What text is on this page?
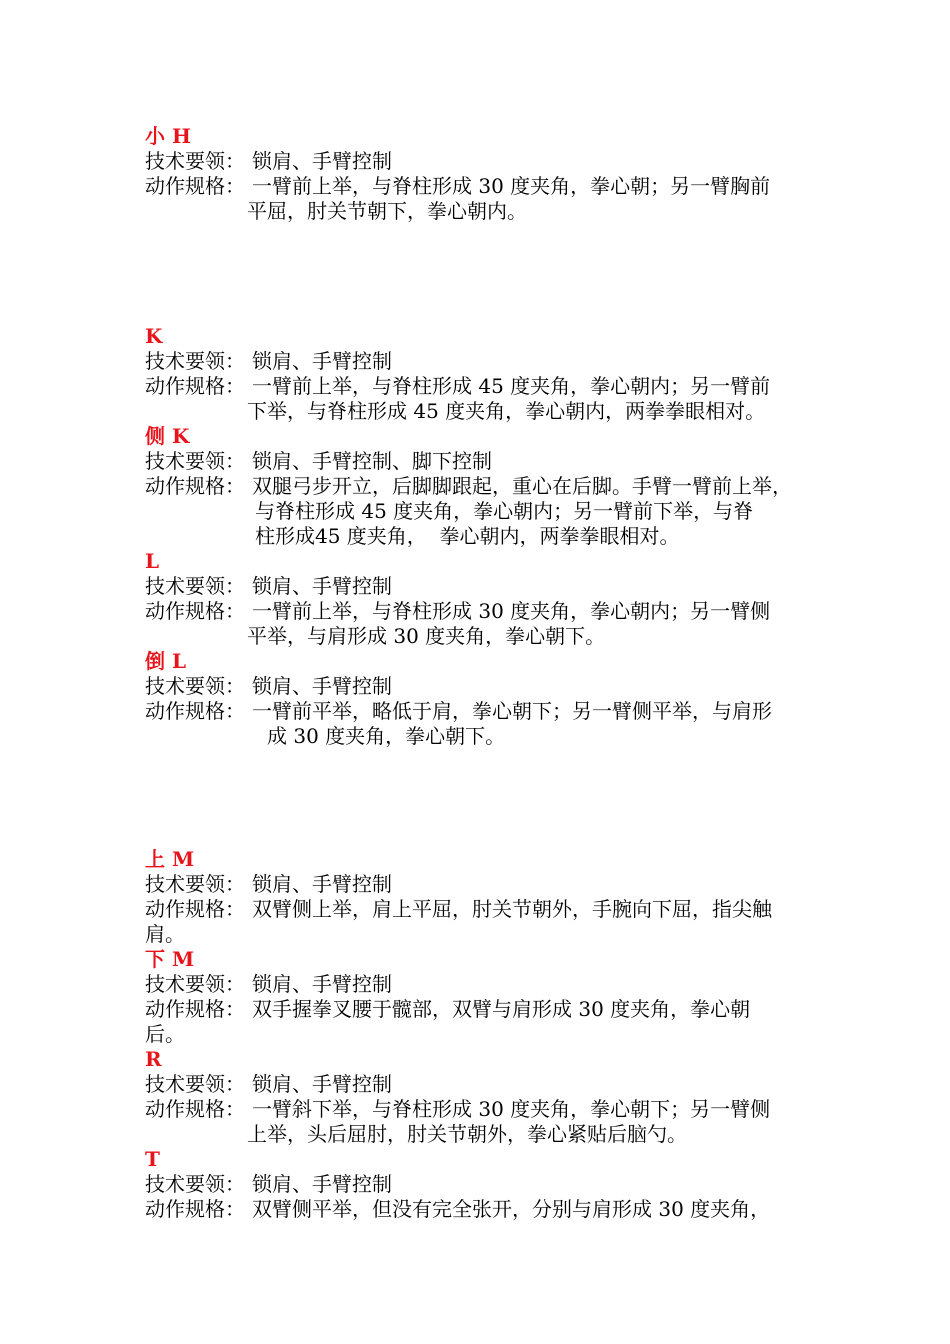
小 H
技术要领： 锁肩、手臂控制
动作规格： 一臂前上举，与脊柱形成 30 度夹角，拳心朝；另一臂胸前
平屈，肘关节朝下，拳心朝内。
K
技术要领： 锁肩、手臂控制
动作规格： 一臂前上举，与脊柱形成 45 度夹角，拳心朝内；另一臂前
下举，与脊柱形成 45 度夹角，拳心朝内，两拳拳眼相对。
侧 K
技术要领： 锁肩、手臂控制、脚下控制
动作规格： 双腿弓步开立，后脚脚跟起，重心在后脚。手臂一臂前上举，
与脊柱形成 45 度夹角，拳心朝内；另一臂前下举，与脊
柱形成45 度夹角，  拳心朝内，两拳拳眼相对。
L
技术要领： 锁肩、手臂控制
动作规格： 一臂前上举，与脊柱形成 30 度夹角，拳心朝内；另一臂侧
平举，与肩形成 30 度夹角，拳心朝下。
倒 L
技术要领： 锁肩、手臂控制
动作规格： 一臂前平举，略低于肩，拳心朝下；另一臂侧平举，与肩形
成 30 度夹角，拳心朝下。
上 M
技术要领： 锁肩、手臂控制
动作规格： 双臂侧上举，肩上平屈，肘关节朝外，手腕向下屈，指尖触
肩。
下 M
技术要领： 锁肩、手臂控制
动作规格： 双手握拳叉腰于髋部，双臂与肩形成 30 度夹角，拳心朝
后。
R
技术要领： 锁肩、手臂控制
动作规格： 一臂斜下举，与脊柱形成 30 度夹角，拳心朝下；另一臂侧
上举，头后屈肘，肘关节朝外，拳心紧贴后脑勺。
T
技术要领： 锁肩、手臂控制
动作规格： 双臂侧平举，但没有完全张开，分别与肩形成 30 度夹角，
